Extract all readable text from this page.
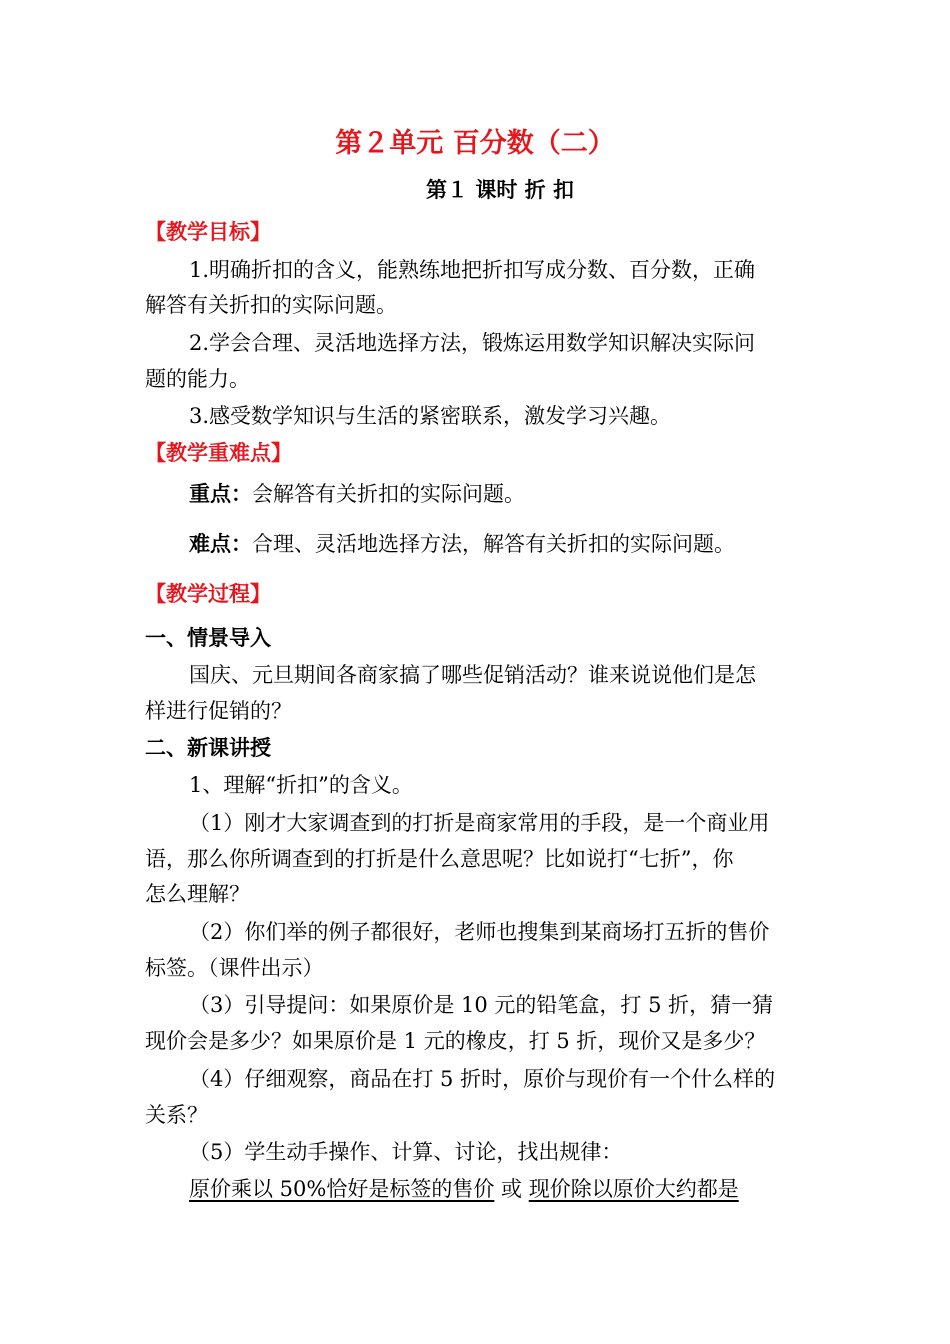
第２单元 百分数（二）
第１ 课时 折 扣
【教学目标】
1.明确折扣的含义，能熟练地把折扣写成分数、百分数，正确
解答有关折扣的实际问题。
2.学会合理、灵活地选择方法，锻炼运用数学知识解决实际问
题的能力。
3.感受数学知识与生活的紧密联系，激发学习兴趣。
【教学重难点】
重点：会解答有关折扣的实际问题。
难点：合理、灵活地选择方法，解答有关折扣的实际问题。
【教学过程】
一、情景导入
国庆、元旦期间各商家搞了哪些促销活动？谁来说说他们是怎
样进行促销的？
二、新课讲授
1、理解“折扣”的含义。
（1）刚才大家调查到的打折是商家常用的手段，是一个商业用
语，那么你所调查到的打折是什么意思呢？比如说打“七折”，你
怎么理解？
（2）你们举的例子都很好，老师也搜集到某商场打五折的售价
标签。（课件出示）
（3）引导提问：如果原价是 10 元的铅笔盒，打 5 折，猜一猜
现价会是多少？如果原价是 1 元的橡皮，打 5 折，现价又是多少？
（4）仔细观察，商品在打 5 折时，原价与现价有一个什么样的
关系？
（5）学生动手操作、计算、讨论，找出规律：
原价乘以 50%恰好是标签的售价 或 现价除以原价大约都是
